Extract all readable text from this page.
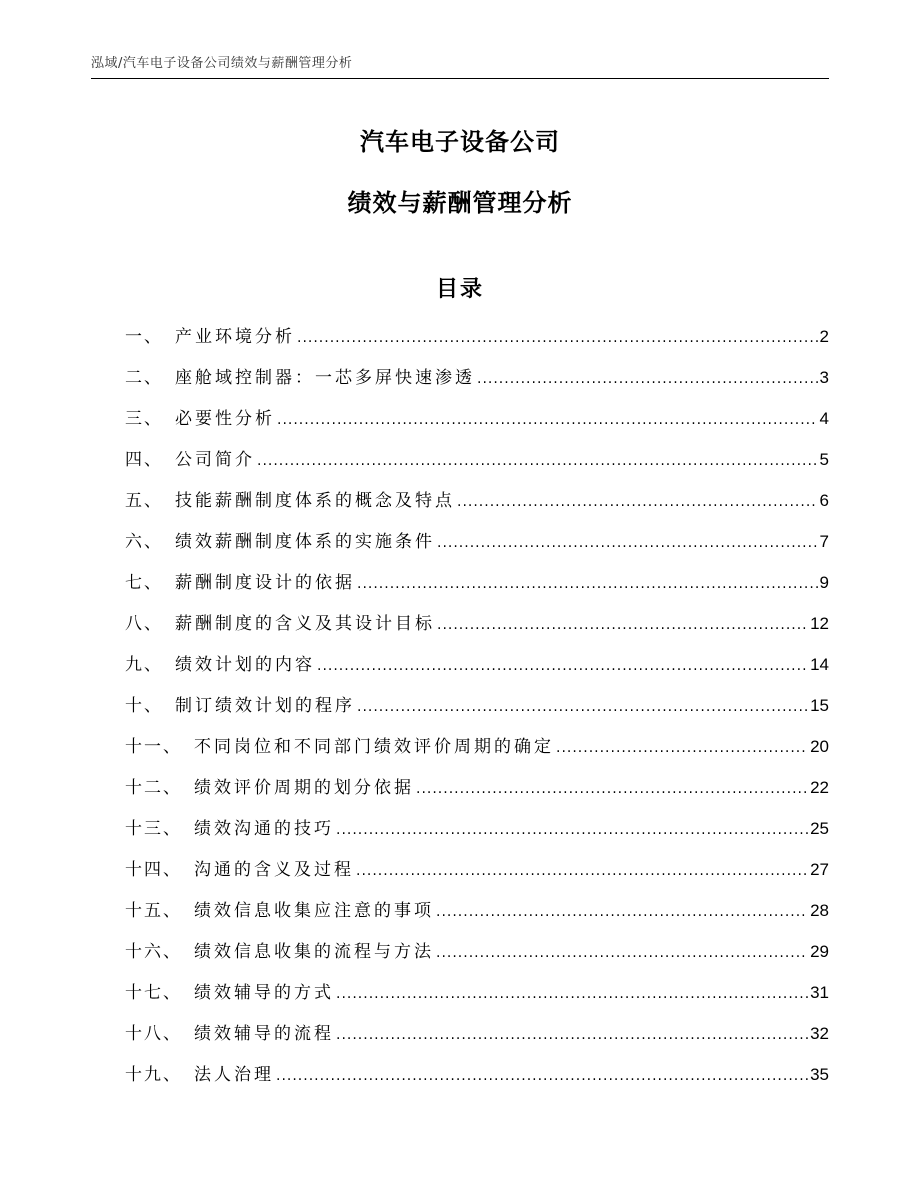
泓域/汽车电子设备公司绩效与薪酬管理分析
汽车电子设备公司
绩效与薪酬管理分析
目录
一、 产业环境分析 .....	2
二、 座舱域控制器：一芯多屏快速渗透 .....	3
三、 必要性分析 .....	4
四、 公司简介 .....	5
五、 技能薪酬制度体系的概念及特点 .....	6
六、 绩效薪酬制度体系的实施条件 .....	7
七、 薪酬制度设计的依据 .....	9
八、 薪酬制度的含义及其设计目标 .....	12
九、 绩效计划的内容 .....	14
十、 制订绩效计划的程序 .....	15
十一、 不同岗位和不同部门绩效评价周期的确定 .....	20
十二、 绩效评价周期的划分依据 .....	22
十三、 绩效沟通的技巧 .....	25
十四、 沟通的含义及过程 .....	27
十五、 绩效信息收集应注意的事项 .....	28
十六、 绩效信息收集的流程与方法 .....	29
十七、 绩效辅导的方式 .....	31
十八、 绩效辅导的流程 .....	32
十九、 法人治理 .....	35
